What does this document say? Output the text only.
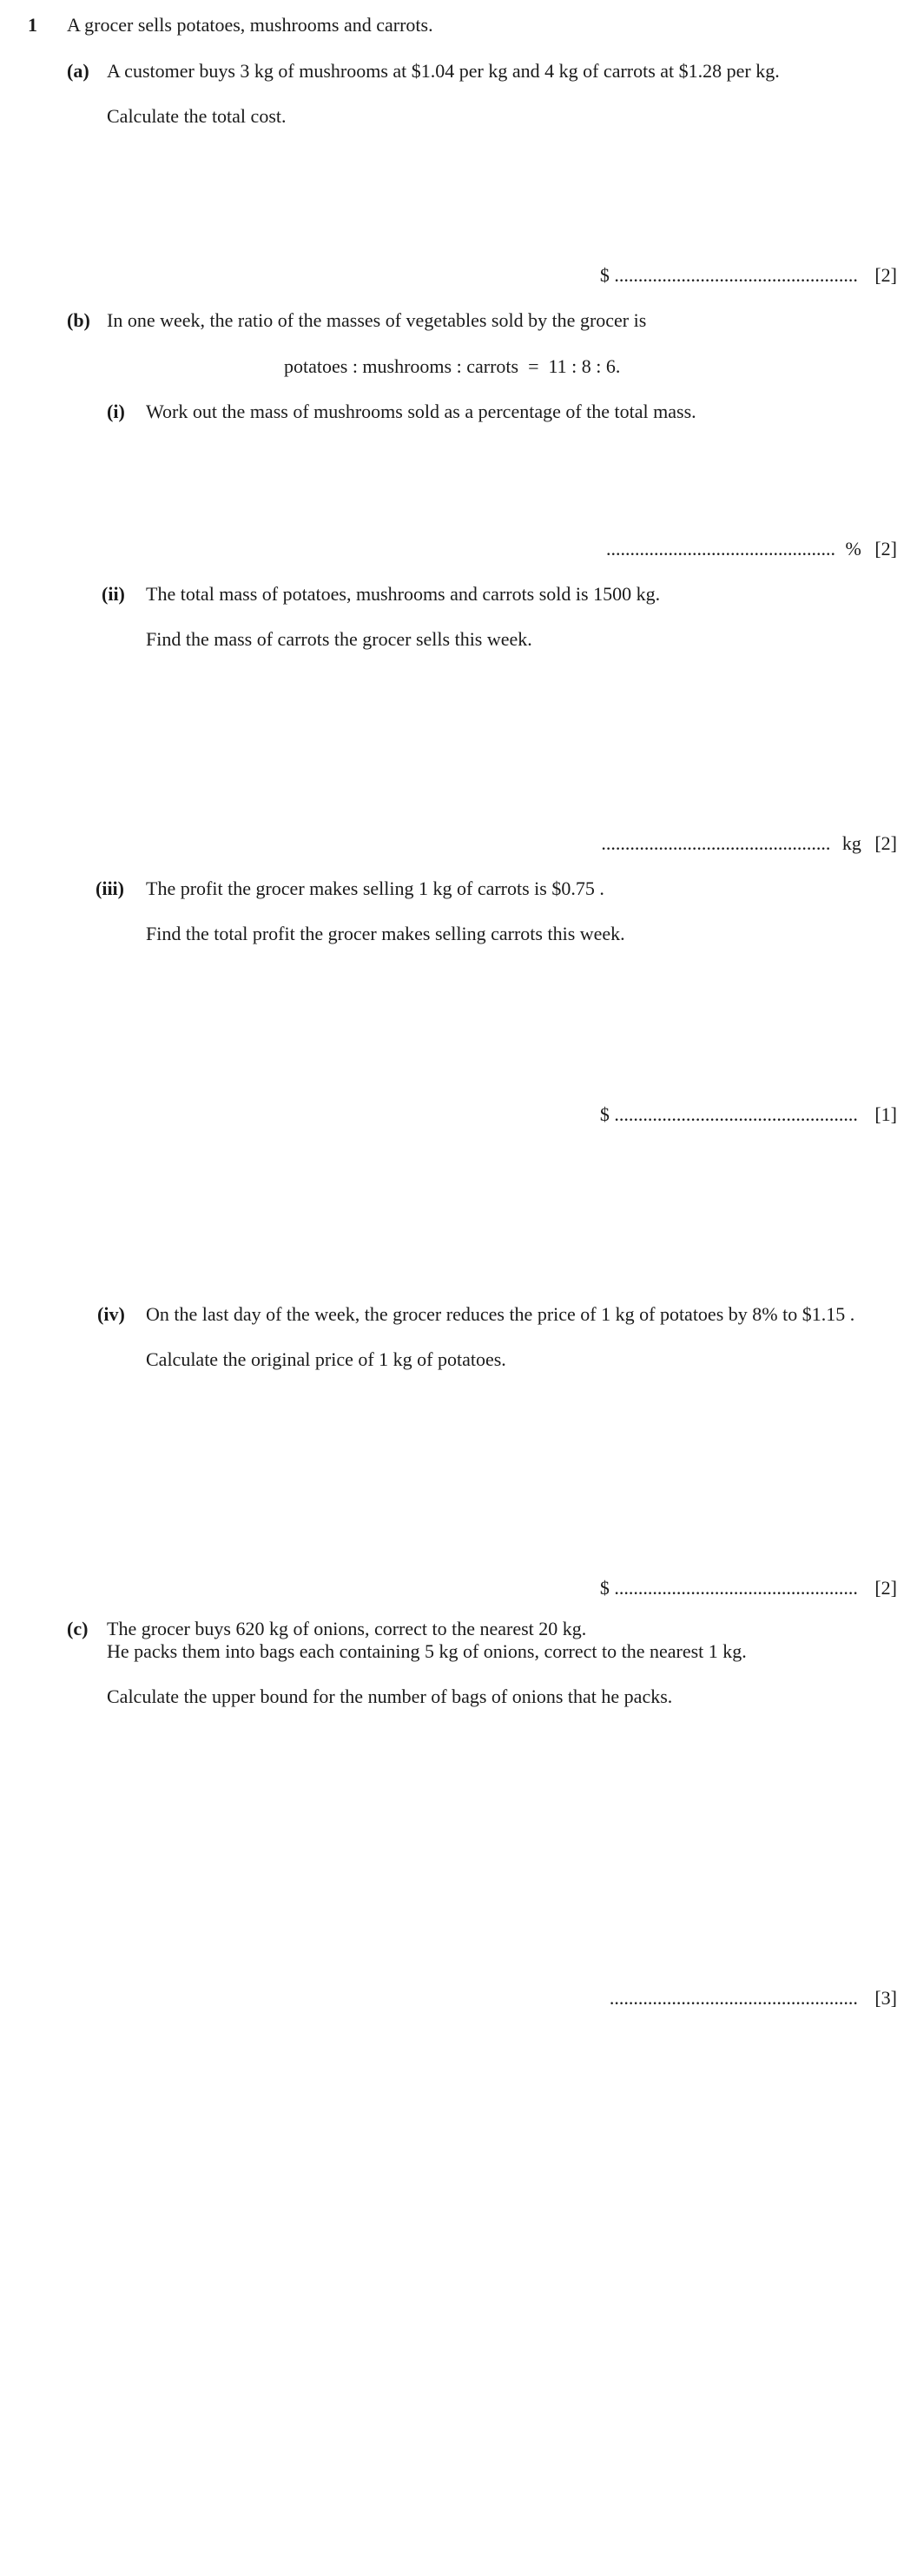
1 A grocer sells potatoes, mushrooms and carrots.
(a) A customer buys 3 kg of mushrooms at $1.04 per kg and 4 kg of carrots at $1.28 per kg.
Calculate the total cost.
$ ................................................... [2]
(b) In one week, the ratio of the masses of vegetables sold by the grocer is
potatoes : mushrooms : carrots  =  11 : 8 : 6.
(i) Work out the mass of mushrooms sold as a percentage of the total mass.
................................................ % [2]
(ii) The total mass of potatoes, mushrooms and carrots sold is 1500 kg.
Find the mass of carrots the grocer sells this week.
................................................ kg [2]
(iii) The profit the grocer makes selling 1 kg of carrots is $0.75 .
Find the total profit the grocer makes selling carrots this week.
$ ................................................... [1]
(iv) On the last day of the week, the grocer reduces the price of 1 kg of potatoes by 8% to $1.15 .
Calculate the original price of 1 kg of potatoes.
$ ................................................... [2]
(c) The grocer buys 620 kg of onions, correct to the nearest 20 kg.
He packs them into bags each containing 5 kg of onions, correct to the nearest 1 kg.
Calculate the upper bound for the number of bags of onions that he packs.
.................................................... [3]
